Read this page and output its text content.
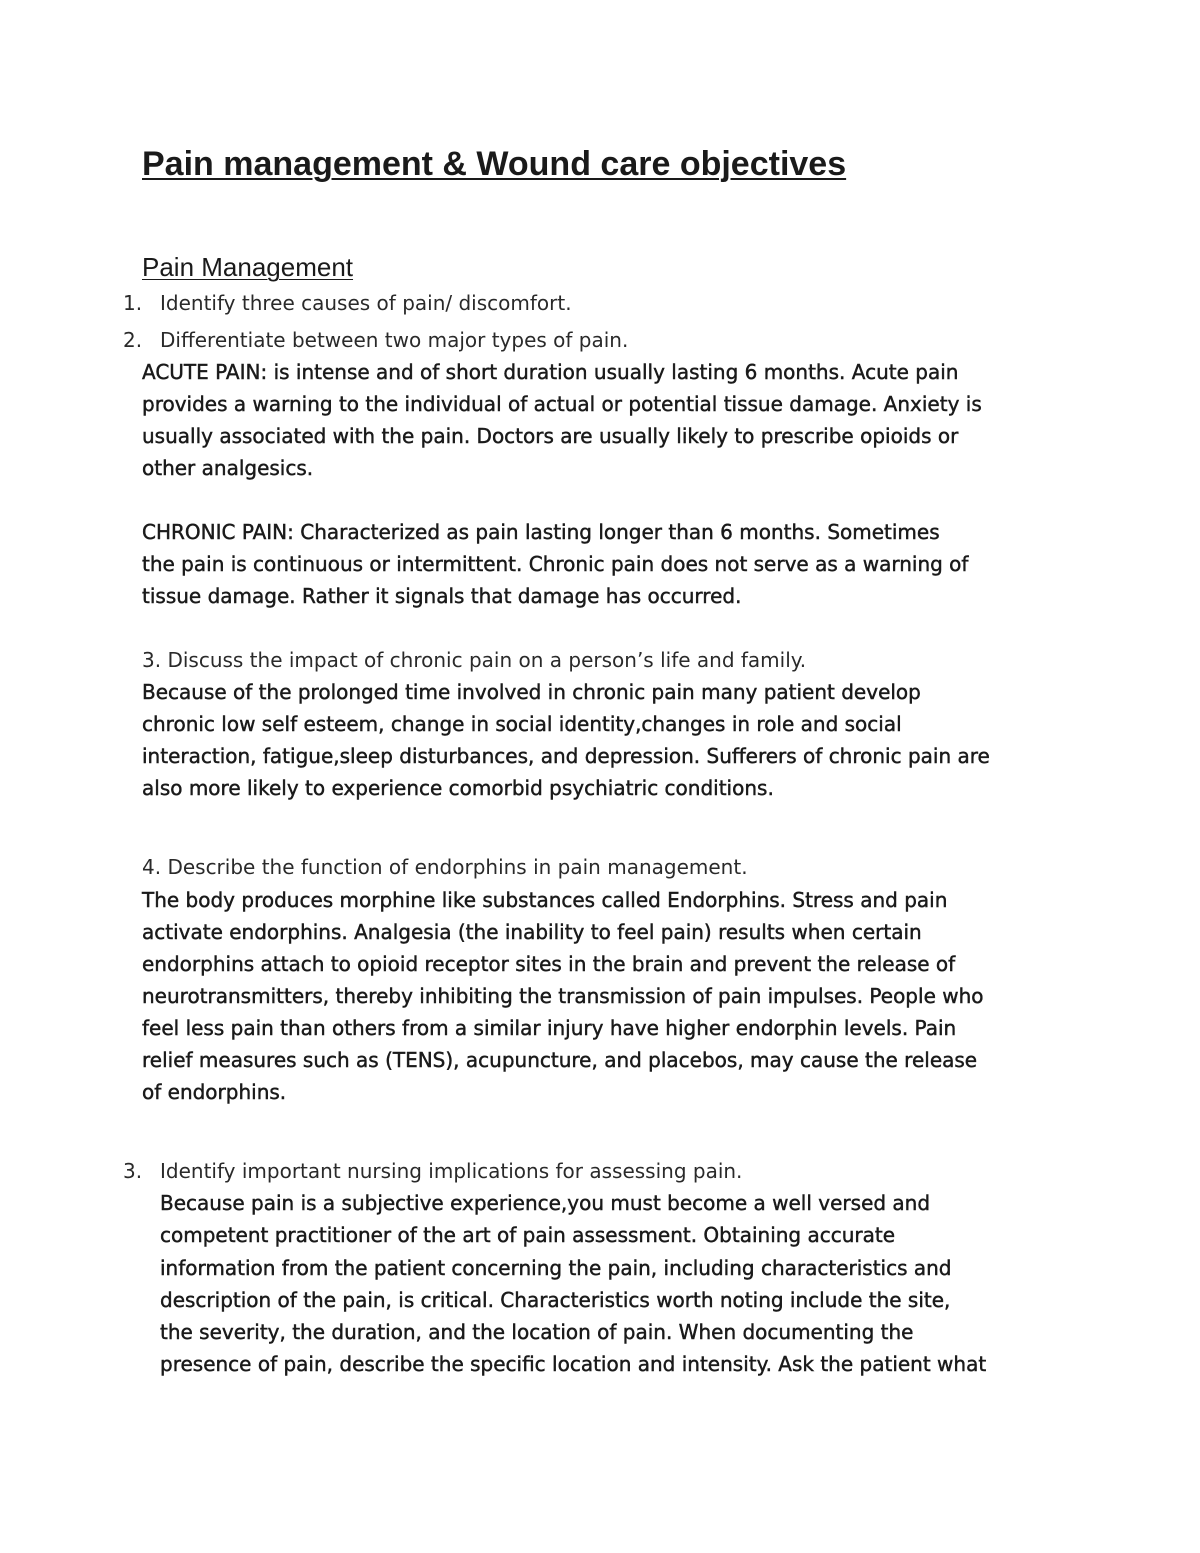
Pain management & Wound care objectives
Pain Management
1. Identify three causes of pain/ discomfort.
2. Differentiate between two major types of pain.
ACUTE PAIN: is intense and of short duration usually lasting 6 months. Acute pain
provides a warning to the individual of actual or potential tissue damage. Anxiety is
usually associated with the pain. Doctors are usually likely to prescribe opioids or
other analgesics.
CHRONIC PAIN: Characterized as pain lasting longer than 6 months. Sometimes
the pain is continuous or intermittent. Chronic pain does not serve as a warning of
tissue damage. Rather it signals that damage has occurred.
3. Discuss the impact of chronic pain on a person’s life and family.
Because of the prolonged time involved in chronic pain many patient develop
chronic low self esteem, change in social identity,changes in role and social
interaction, fatigue,sleep disturbances, and depression. Sufferers of chronic pain are
also more likely to experience comorbid psychiatric conditions.
4. Describe the function of endorphins in pain management.
The body produces morphine like substances called Endorphins. Stress and pain
activate endorphins. Analgesia (the inability to feel pain) results when certain
endorphins attach to opioid receptor sites in the brain and prevent the release of
neurotransmitters, thereby inhibiting the transmission of pain impulses. People who
feel less pain than others from a similar injury have higher endorphin levels. Pain
relief measures such as (TENS), acupuncture, and placebos, may cause the release
of endorphins.
3. Identify important nursing implications for assessing pain.
Because pain is a subjective experience,you must become a well versed and
competent practitioner of the art of pain assessment. Obtaining accurate
information from the patient concerning the pain, including characteristics and
description of the pain, is critical. Characteristics worth noting include the site,
the severity, the duration, and the location of pain. When documenting the
presence of pain, describe the specific location and intensity. Ask the patient what
